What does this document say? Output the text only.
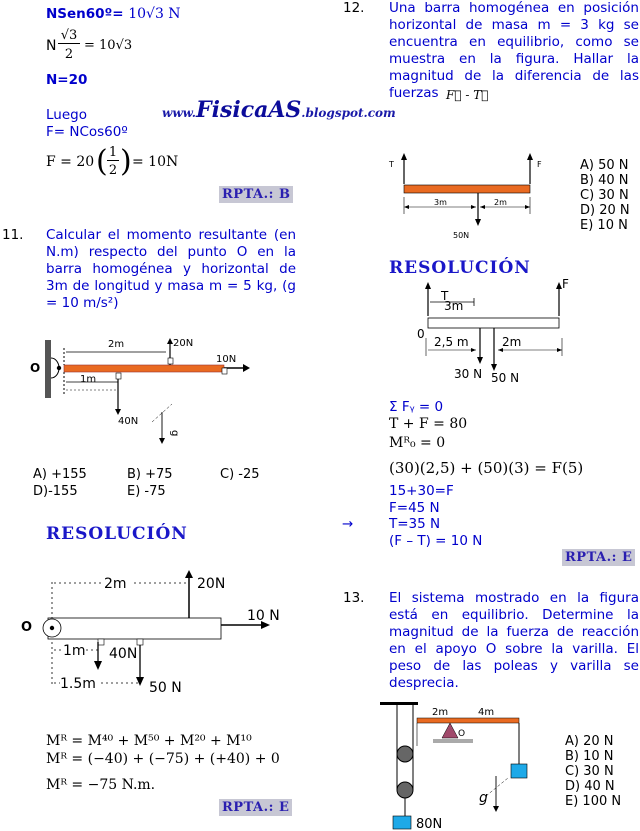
NSen60º= 10√3 N
N
√3
2
= 10√3
N=20
Luego
F= NCos60º
F = 20 ( 1
2 ) = 10N
RPTA.: B
11. Calcular el momento resultante (en N.m) respecto del punto O en la barra homogénea y horizontal de 3m de longitud y masa m = 5 kg, (g = 10 m/s²)
O
2m	20N
10N
1m
40N
g
A) +155	B) +75	C) -25
D)-155	E) -75
RESOLUCIÓN
2m	20N
10 N
1m 40N
50 N
1.5m
O
Mᴿ = M⁴⁰ + M⁵⁰ + M²⁰ + M¹⁰
Mᴿ = (−40) + (−75) + (+40) + 0
Mᴿ = −75 N.m.
RPTA.: E
www.FisicaAS.blogspot.com
12. Una barra homogénea en posición horizontal de masa m = 3 kg se encuentra en equilibrio, como se muestra en la figura. Hallar la magnitud de la diferencia de las fuerzas F⃗ - T⃗
T	F
3m	2m
50N
A) 50 N
B) 40 N
C) 30 N
D) 20 N
E) 10 N
RESOLUCIÓN
T
3m
F
0
2,5 m	2m
30 N 50 N
Σ Fᵧ = 0
T + F = 80
Mᴿ₀ = 0
(30)(2,5) + (50)(3) = F(5)
15+30=F
F=45 N
→	T=35 N
(F – T) = 10 N
RPTA.: E
13. El sistema mostrado en la figura está en equilibrio. Determine la magnitud de la fuerza de reacción en el apoyo O sobre la varilla. El peso de las poleas y varilla se desprecia.
80N
2m	4m
O
g
A) 20 N
B) 10 N
C) 30 N
D) 40 N
E) 100 N
